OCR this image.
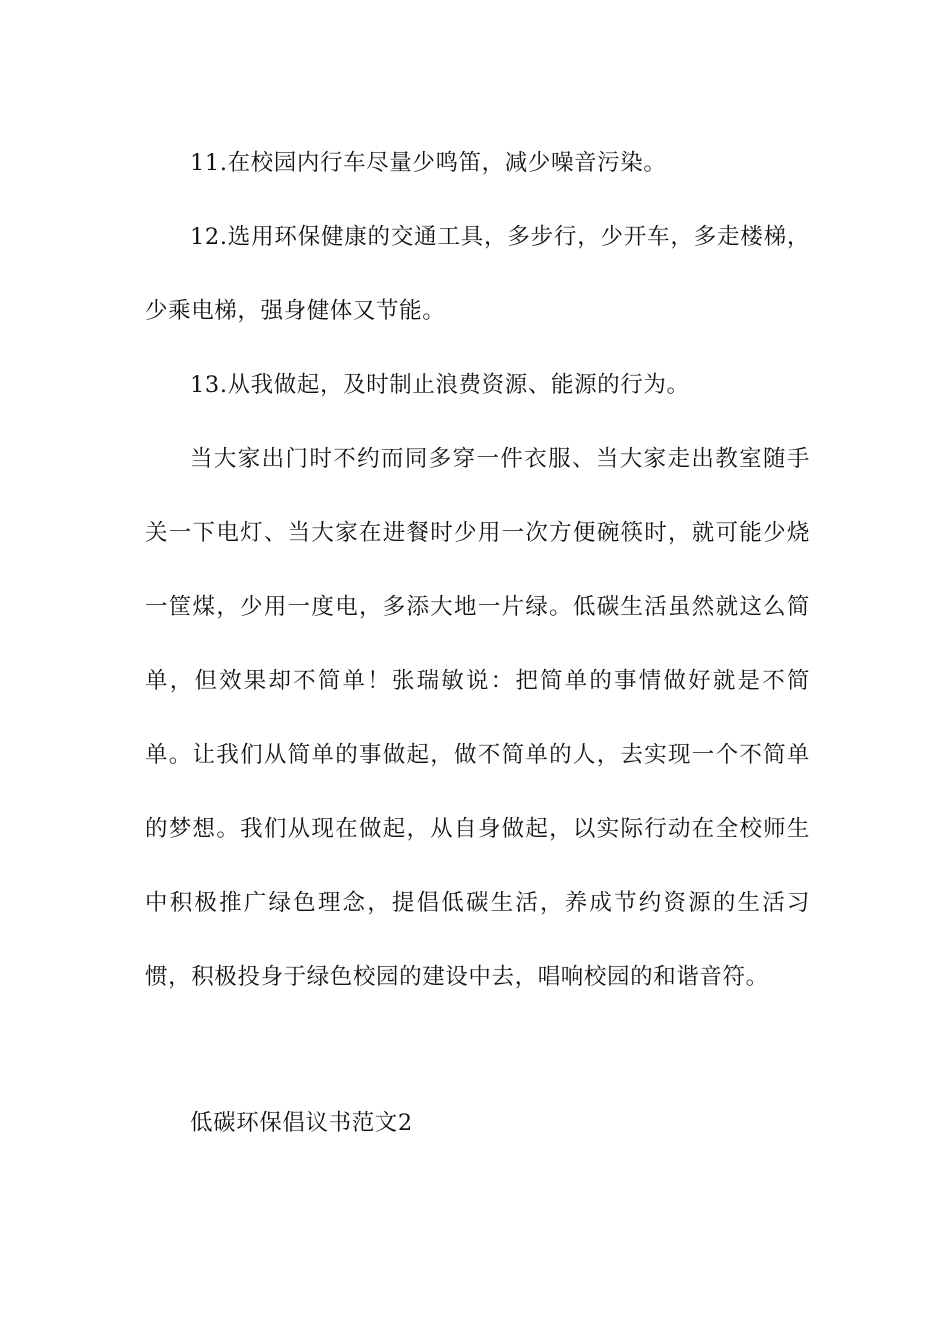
11.在校园内行车尽量少鸣笛，减少噪音污染。

12.选用环保健康的交通工具，多步行，少开车，多走楼梯，少乘电梯，强身健体又节能。

13.从我做起，及时制止浪费资源、能源的行为。

当大家出门时不约而同多穿一件衣服、当大家走出教室随手关一下电灯、当大家在进餐时少用一次方便碗筷时，就可能少烧一筐煤，少用一度电，多添大地一片绿。低碳生活虽然就这么简单，但效果却不简单！张瑞敏说：把简单的事情做好就是不简单。让我们从简单的事做起，做不简单的人，去实现一个不简单的梦想。我们从现在做起，从自身做起，以实际行动在全校师生中积极推广绿色理念，提倡低碳生活，养成节约资源的生活习惯，积极投身于绿色校园的建设中去，唱响校园的和谐音符。

低碳环保倡议书范文2
